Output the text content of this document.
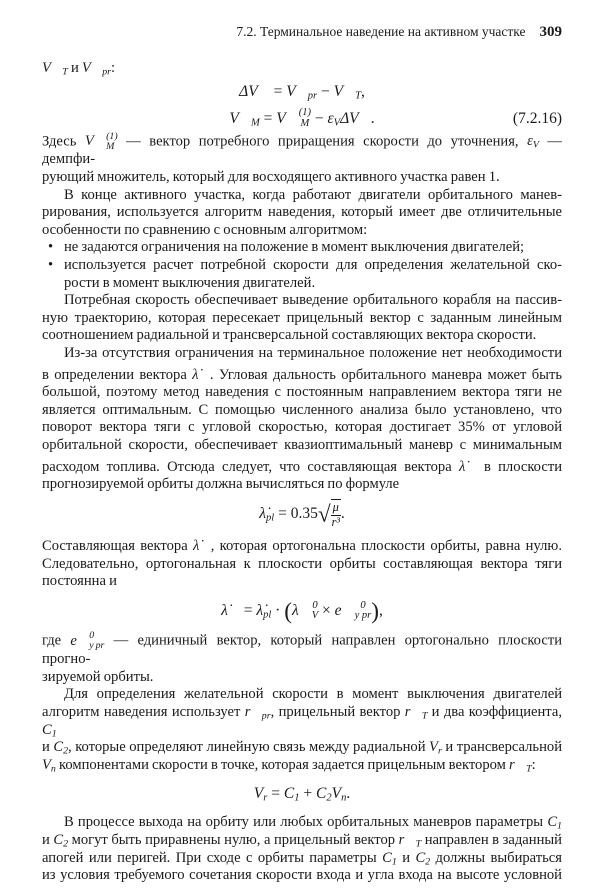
7.2. Терминальное наведение на активном участке 309
$V⃗_T$ и $V⃗_{pr}$:
ΔV⃗ = $V⃗_{pr}$ − $V⃗_T$,
$V⃗_M$ = V⃗ (1)
$M - \varepsilon_V\Delta V⃗$.	(7.2.16)
Здесь V⃗ (1)
M — вектор потребного приращения скорости до уточнения, $\varepsilon_V$ — демпфи-
рующий множитель, который для восходящего активного участка равен 1.
В конце активного участка, когда работают двигатели орбитального манев-
рирования, используется алгоритм наведения, который имеет две отличительные
особенности по сравнению с основным алгоритмом:
• не задаются ограничения на положение в момент выключения двигателей;
• используется расчет потребной скорости для определения желательной ско-
рости в момент выключения двигателей.
Потребная скорость обеспечивает выведение орбитального корабля на пассив-
ную траекторию, которая пересекает прицельный вектор с заданным линейным
соотношением радиальной и трансверсальной составляющих вектора скорости.
Из-за отсутствия ограничения на терминальное положение нет необходимости
в определении вектора λ̇⃗. Угловая дальность орбитального маневра может быть
большой, поэтому метод наведения с постоянным направлением вектора тяги не
является оптимальным. С помощью численного анализа было установлено, что
поворот вектора тяги с угловой скоростью, которая достигает 35% от угловой
орбитальной скорости, обеспечивает квазиоптимальный маневр с минимальным
расходом топлива. Отсюда следует, что составляющая вектора λ̇⃗ в плоскости
прогнозируемой орбиты должна вычисляться по формуле
$\lambdȧ_{pl} = 0.35√ \frac{\mu}{\text{r³}}$ .
Составляющая вектора λ̇⃗, которая ортогональна плоскости орбиты, равна нулю.
Следовательно, ортогональная к плоскости орбиты составляющая вектора тяги
постоянна и
λ̇⃗ = $\lambdȧ_{pl}$ · (λ⃗ 0
V × e⃗ 0
y pr ),
где e⃗ 0
y pr — единичный вектор, который направлен ортогонально плоскости прогно-
зируемой орбиты.
Для определения желательной скорости в момент выключения двигателей
алгоритм наведения использует $r⃗_{pr}$, прицельный вектор $r⃗_T$ и два коэффициента, $C_1$
и $C_2$, которые определяют линейную связь между радиальной $V_r$ и трансверсальной
$V_n$ компонентами скорости в точке, которая задается прицельным вектором $r⃗_T$:
$V_r = C_1 + C_2V_n$.
В процессе выхода на орбиту или любых орбитальных маневров параметры $C_1$
и $C_2$ могут быть приравнены нулю, а прицельный вектор $r⃗_T$ направлен в заданный
апогей или перигей. При сходе с орбиты параметры $C_1$ и $C_2$ должны выбираться
из условия требуемого сочетания скорости входа и угла входа на высоте условной
